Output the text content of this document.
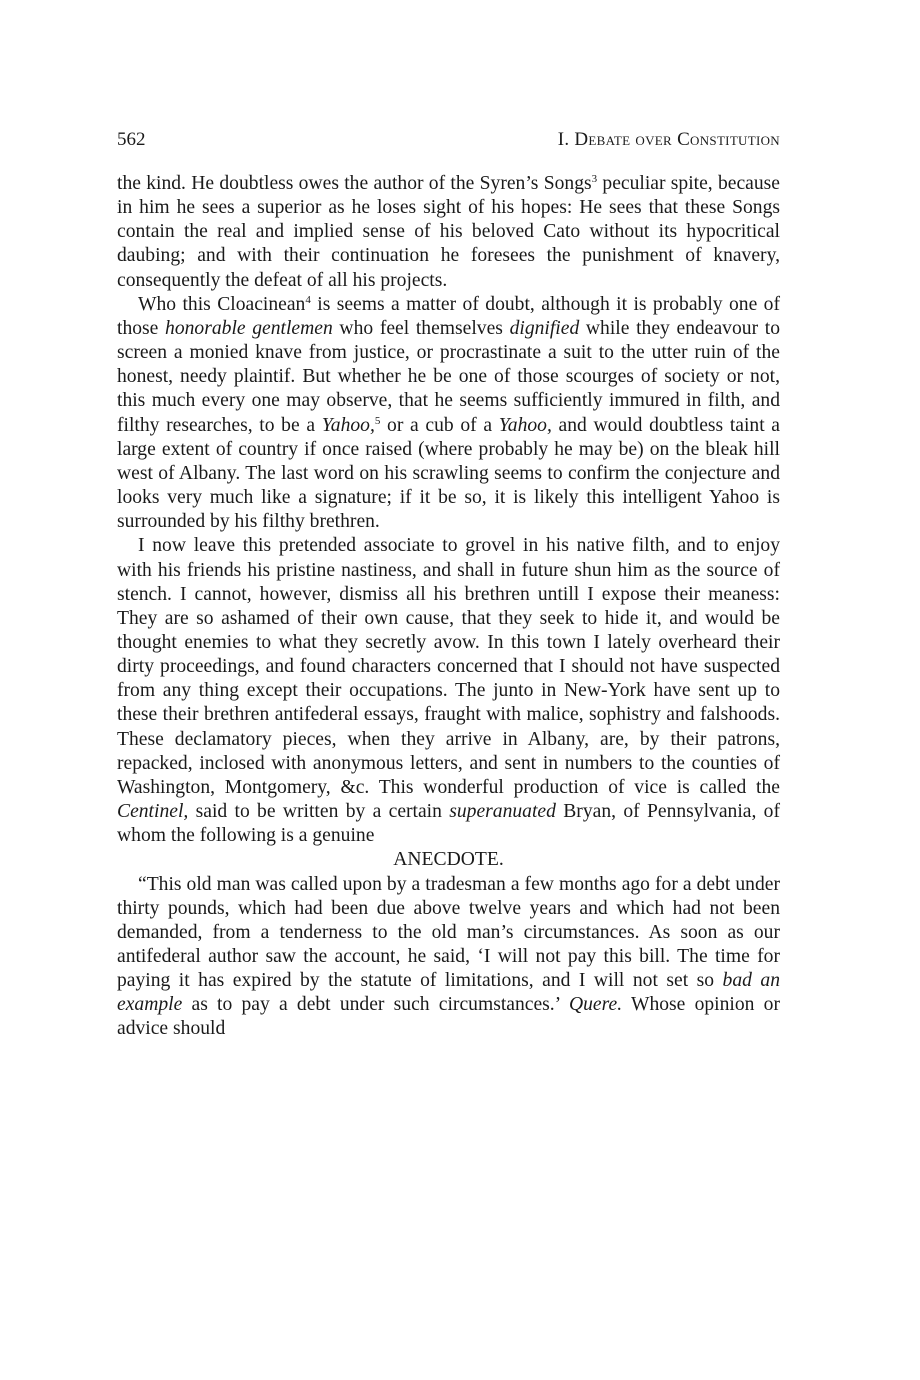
562	I. Debate over Constitution

the kind. He doubtless owes the author of the Syren’s Songs$^3$ peculiar spite, because in him he sees a superior as he loses sight of his hopes: He sees that these Songs contain the real and implied sense of his beloved Cato without its hypocritical daubing; and with their continuation he foresees the punishment of knavery, consequently the defeat of all his projects.

Who this Cloacinean$^4$ is seems a matter of doubt, although it is probably one of those honorable gentlemen who feel themselves dignified while they endeavour to screen a monied knave from justice, or procrastinate a suit to the utter ruin of the honest, needy plaintif. But whether he be one of those scourges of society or not, this much every one may observe, that he seems sufficiently immured in filth, and filthy researches, to be a Yahoo,$^5$ or a cub of a Yahoo, and would doubtless taint a large extent of country if once raised (where probably he may be) on the bleak hill west of Albany. The last word on his scrawling seems to confirm the conjecture and looks very much like a signature; if it be so, it is likely this intelligent Yahoo is surrounded by his filthy brethren.

I now leave this pretended associate to grovel in his native filth, and to enjoy with his friends his pristine nastiness, and shall in future shun him as the source of stench. I cannot, however, dismiss all his brethren untill I expose their meaness: They are so ashamed of their own cause, that they seek to hide it, and would be thought enemies to what they secretly avow. In this town I lately overheard their dirty proceedings, and found characters concerned that I should not have suspected from any thing except their occupations. The junto in New-York have sent up to these their brethren antifederal essays, fraught with malice, sophistry and falshoods. These declamatory pieces, when they arrive in Albany, are, by their patrons, repacked, inclosed with anonymous letters, and sent in numbers to the counties of Washington, Montgomery, &c. This wonderful production of vice is called the Centinel, said to be written by a certain superanuated Bryan, of Pennsylvania, of whom the following is a genuine

ANECDOTE.

“This old man was called upon by a tradesman a few months ago for a debt under thirty pounds, which had been due above twelve years and which had not been demanded, from a tenderness to the old man’s circumstances. As soon as our antifederal author saw the account, he said, ‘I will not pay this bill. The time for paying it has expired by the statute of limitations, and I will not set so bad an example as to pay a debt under such circumstances.’ Quere. Whose opinion or advice should
